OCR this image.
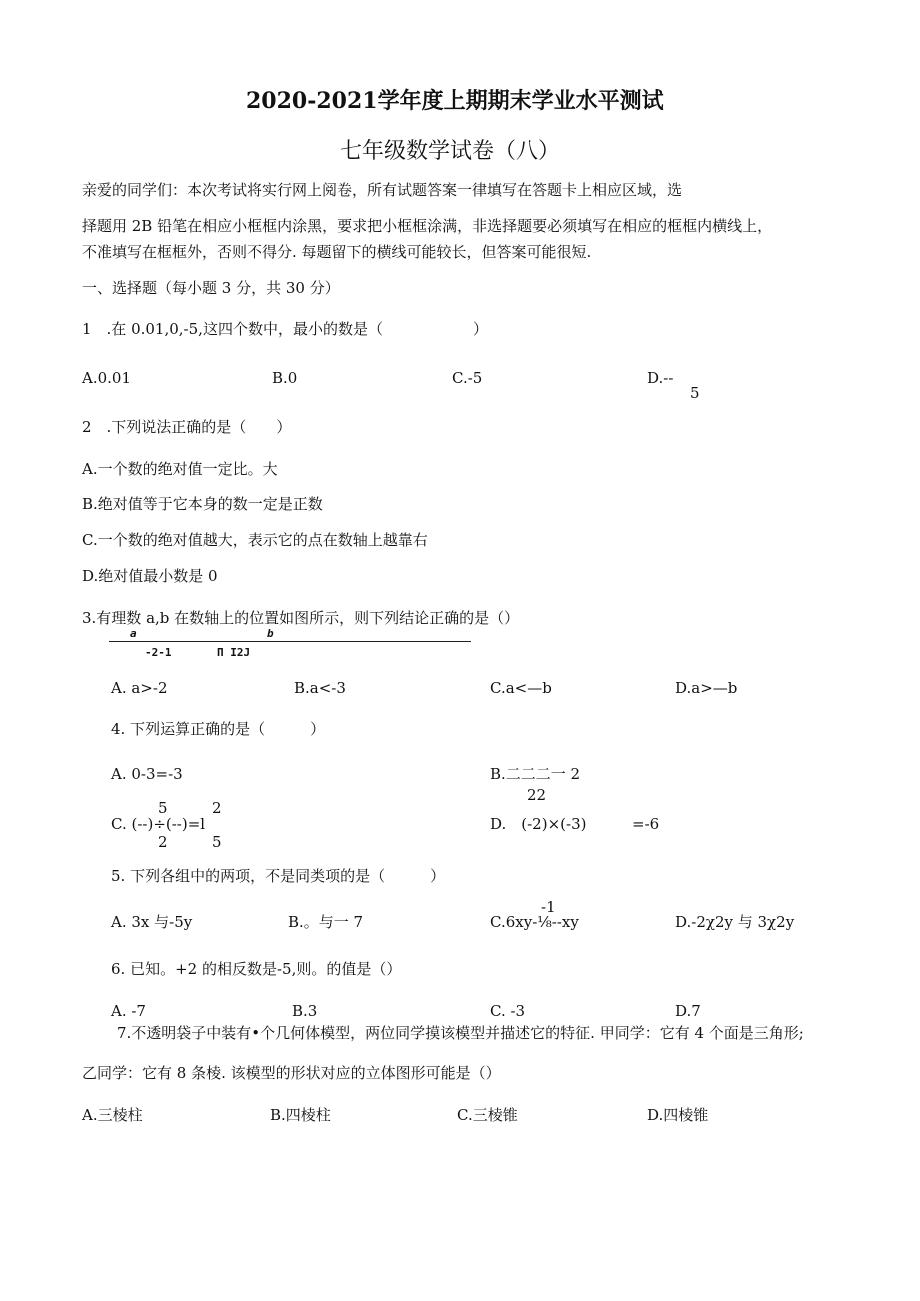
2020-2021学年度上期期末学业水平测试
七年级数学试卷（八）
亲爱的同学们：本次考试将实行网上阅卷，所有试题答案一律填写在答题卡上相应区域，选
择题用 2B 铅笔在相应小框框内涂黑，要求把小框框涂满，非选择题要必须填写在相应的框框内横线上，
不准填写在框框外，否则不得分. 每题留下的横线可能较长，但答案可能很短.
一、选择题（每小题 3 分，共 30 分）
1　.在 0.01,0,-5,这四个数中，最小的数是（　　　　　　）
A.0.01	B.0	C.-5	D.--
5
2　.下列说法正确的是（　　）
A.一个数的绝对值一定比。大
B.绝对值等于它本身的数一定是正数
C.一个数的绝对值越大，表示它的点在数轴上越靠右
D.绝对值最小数是 0
3.有理数 a,b 在数轴上的位置如图所示，则下列结论正确的是（）
a	b
-2-1	П I2J
A. a>-2	B.a<-3	C.a<—b	D.a>—b
4. 下列运算正确的是（　　　）
A. 0-3=-3	B.二二二一 2
22
5	2
C. (--)÷(--)=l
2	5
D.　(-2)×(-3)	=-6
5. 下列各组中的两项，不是同类项的是（　　　）
-1
A. 3x 与-5y	B.。与一 7	C.6xy-⅛--xy	D.-2χ2y 与 3χ2y
6. 已知。+2 的相反数是-5,则。的值是（）
A. -7	B.3	C. -3	D.7
7.不透明袋子中装有•个几何体模型，两位同学摸该模型并描述它的特征. 甲同学：它有 4 个面是三角形;
乙同学：它有 8 条棱. 该模型的形状对应的立体图形可能是（）
A.三棱柱	B.四棱柱	C.三棱锥	D.四棱锥
